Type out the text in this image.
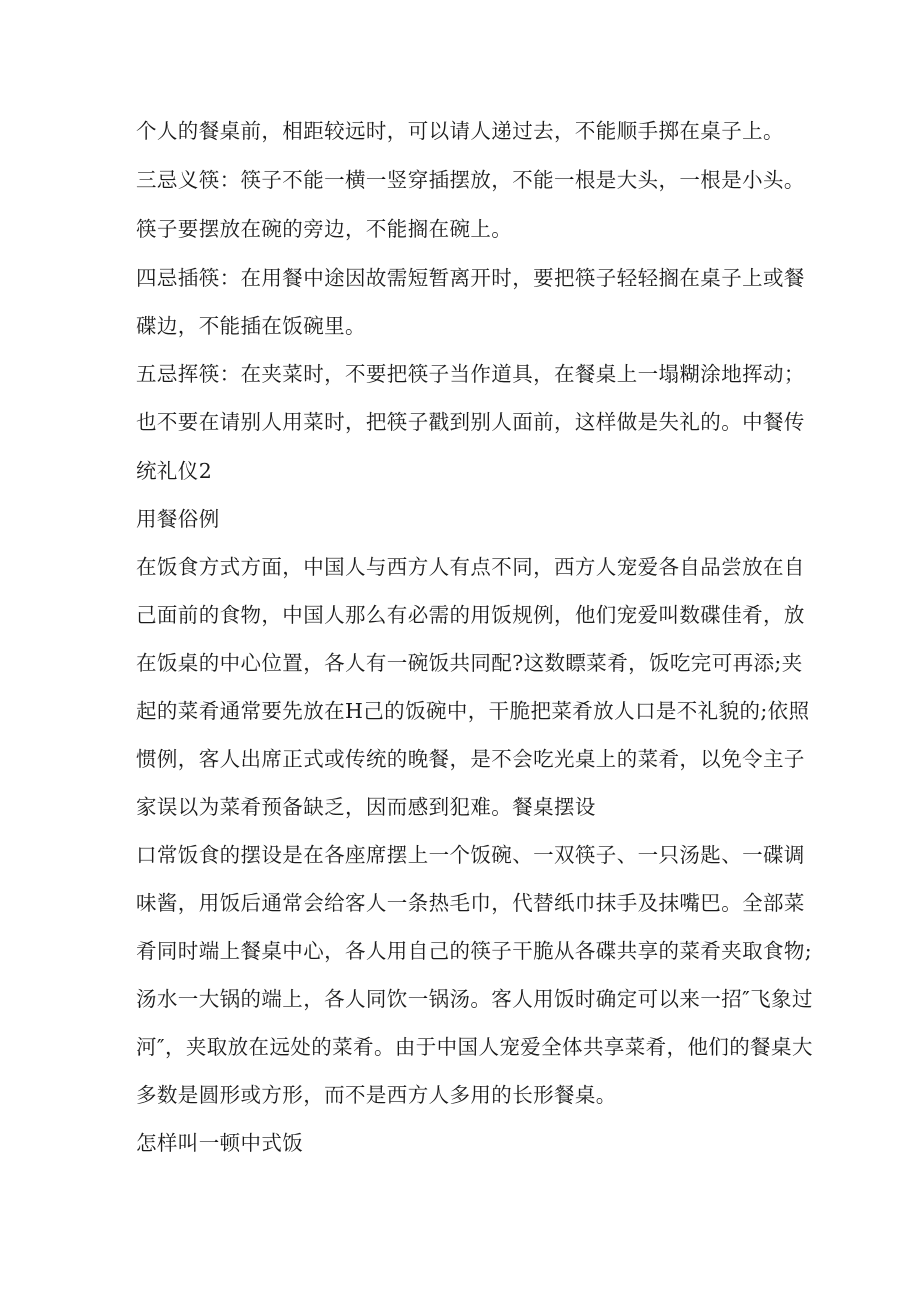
个人的餐桌前，相距较远时，可以请人递过去，不能顺手掷在桌子上。
三忌义筷：筷子不能一横一竖穿插摆放，不能一根是大头，一根是小头。
筷子要摆放在碗的旁边，不能搁在碗上。
四忌插筷：在用餐中途因故需短暂离开时，要把筷子轻轻搁在桌子上或餐
碟边，不能插在饭碗里。
五忌挥筷：在夹菜时，不要把筷子当作道具，在餐桌上一塌糊涂地挥动；
也不要在请别人用菜时，把筷子戳到别人面前，这样做是失礼的。中餐传
统礼仪2
用餐俗例
在饭食方式方面，中国人与西方人有点不同，西方人宠爱各自品尝放在自
己面前的食物，中国人那么有必需的用饭规例，他们宠爱叫数碟佳肴，放
在饭桌的中心位置，各人有一碗饭共同配?这数瞟菜肴，饭吃完可再添;夹
起的菜肴通常要先放在H己的饭碗中，干脆把菜肴放人口是不礼貌的;依照
惯例，客人出席正式或传统的晚餐，是不会吃光桌上的菜肴，以免令主子
家误以为菜肴预备缺乏，因而感到犯难。餐桌摆设
口常饭食的摆设是在各座席摆上一个饭碗、一双筷子、一只汤匙、一碟调
味酱，用饭后通常会给客人一条热毛巾，代替纸巾抹手及抹嘴巴。全部菜
肴同时端上餐桌中心，各人用自己的筷子干脆从各碟共享的菜肴夹取食物;
汤水一大锅的端上，各人同饮一锅汤。客人用饭时确定可以来一招″飞象过
河″，夹取放在远处的菜肴。由于中国人宠爱全体共享菜肴，他们的餐桌大
多数是圆形或方形，而不是西方人多用的长形餐桌。
怎样叫一顿中式饭
